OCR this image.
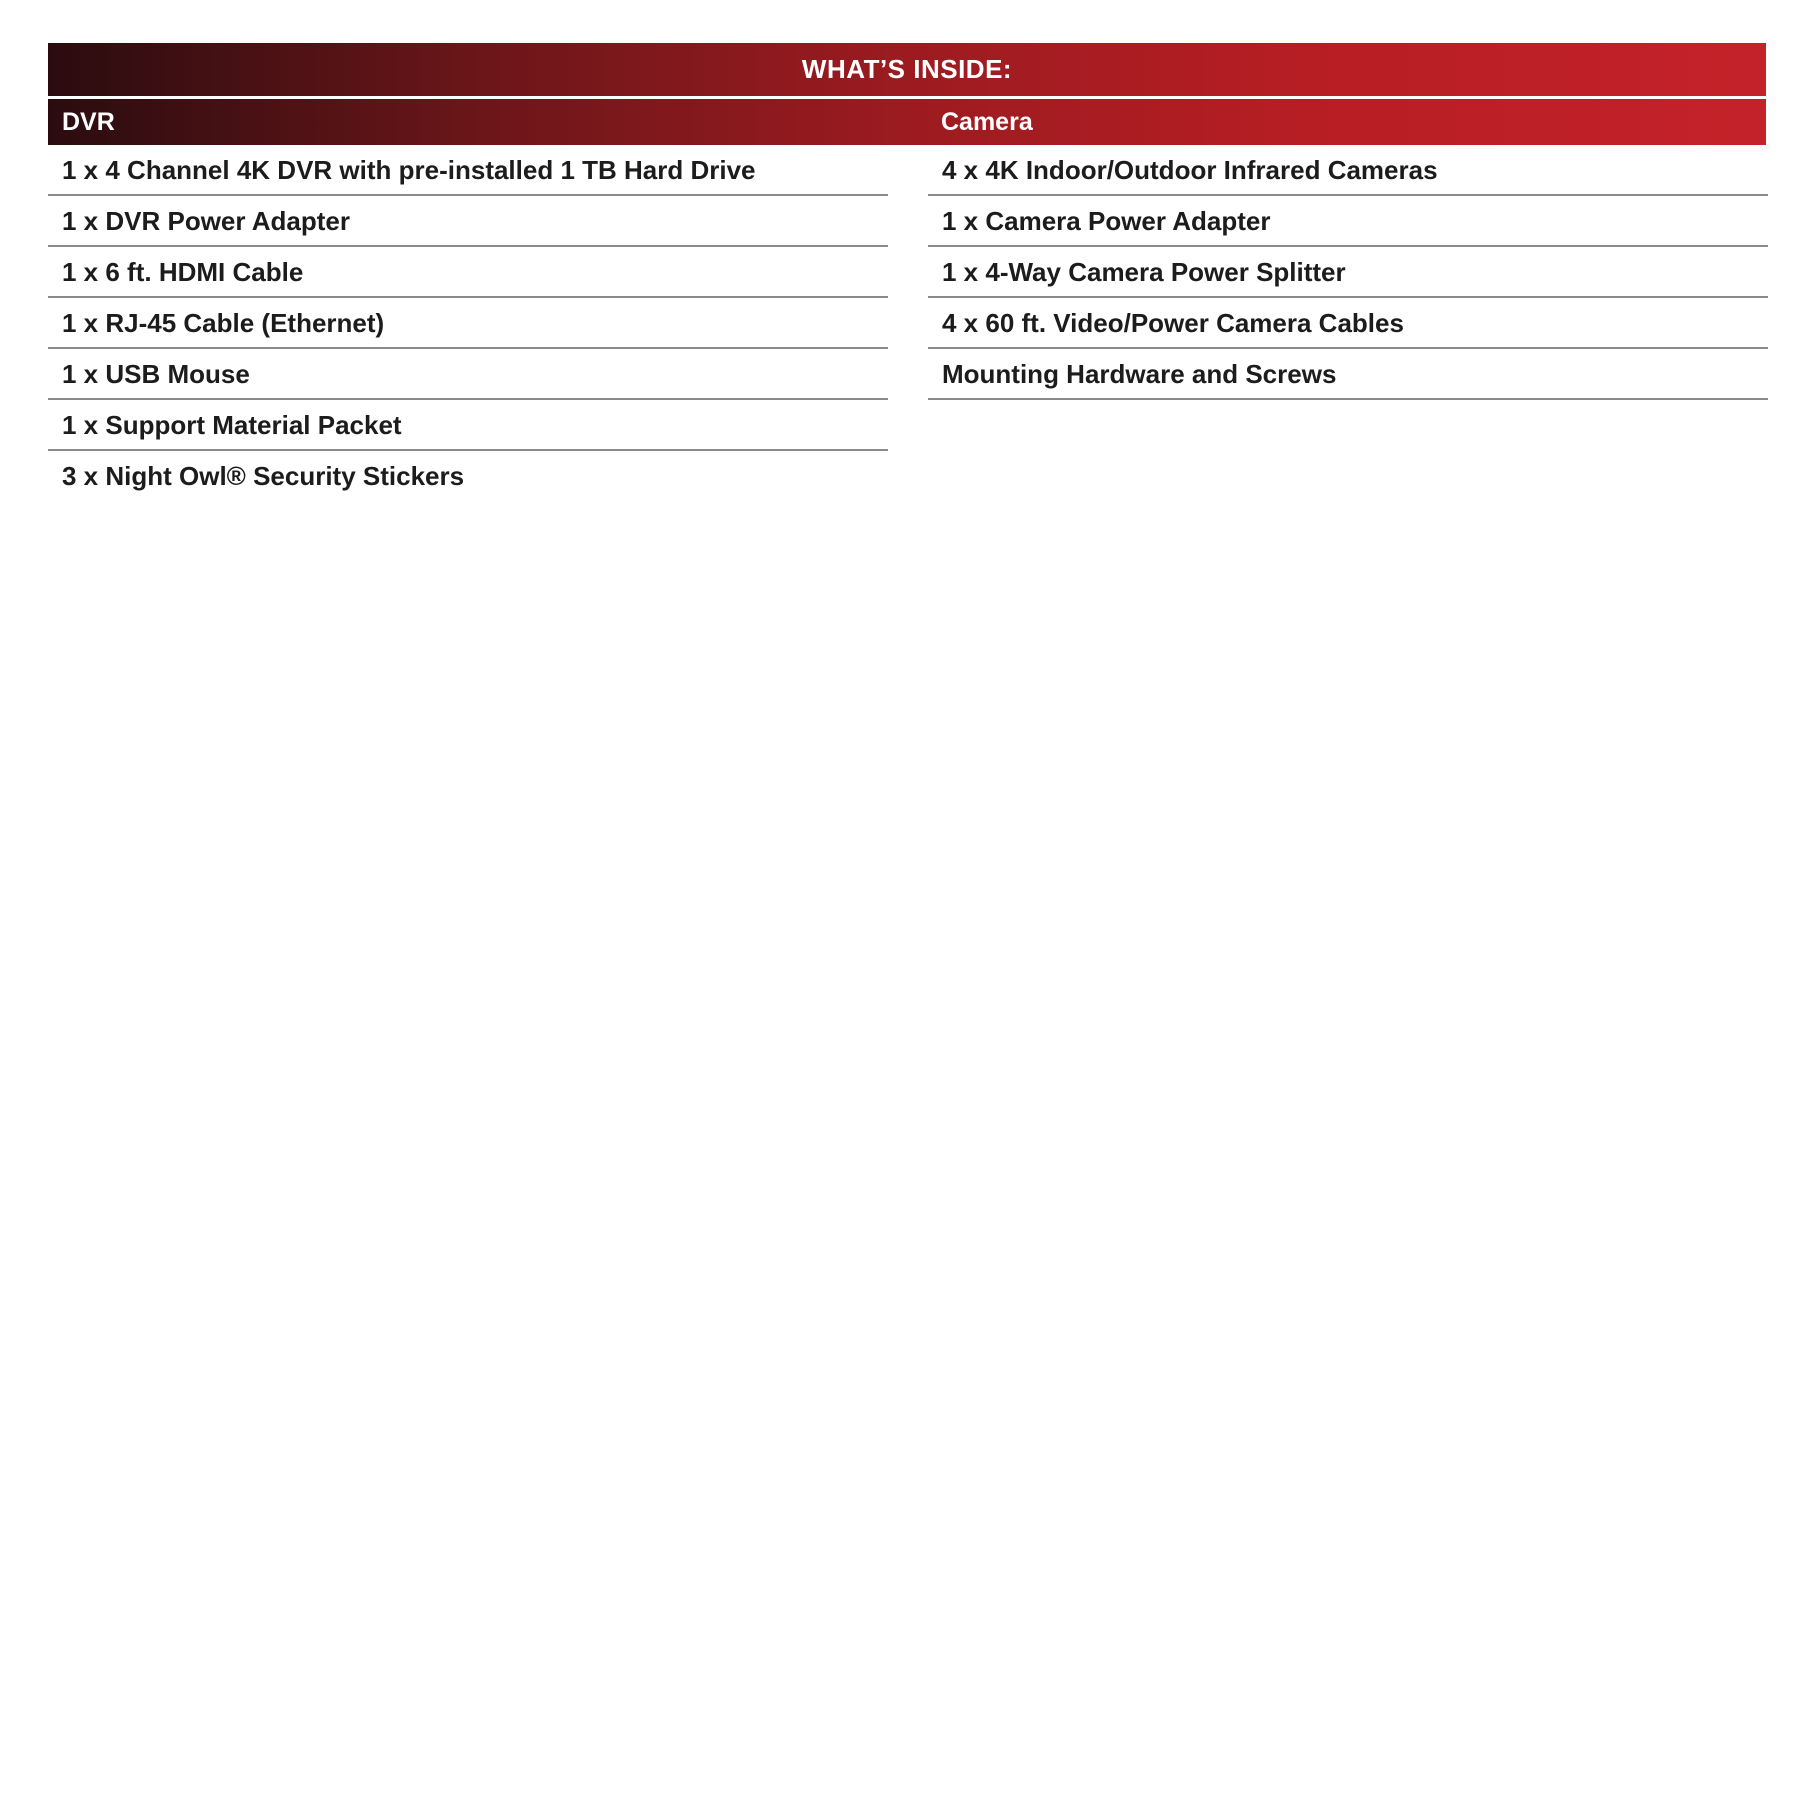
WHAT’S INSIDE:
DVR	Camera
1 x 4 Channel 4K DVR with pre-installed 1 TB Hard Drive
1 x DVR Power Adapter
1 x 6 ft. HDMI Cable
1 x RJ-45 Cable (Ethernet)
1 x USB Mouse
1 x Support Material Packet
3 x Night Owl® Security Stickers
4 x 4K Indoor/Outdoor Infrared Cameras
1 x Camera Power Adapter
1 x 4-Way Camera Power Splitter
4 x 60 ft. Video/Power Camera Cables
Mounting Hardware and Screws
